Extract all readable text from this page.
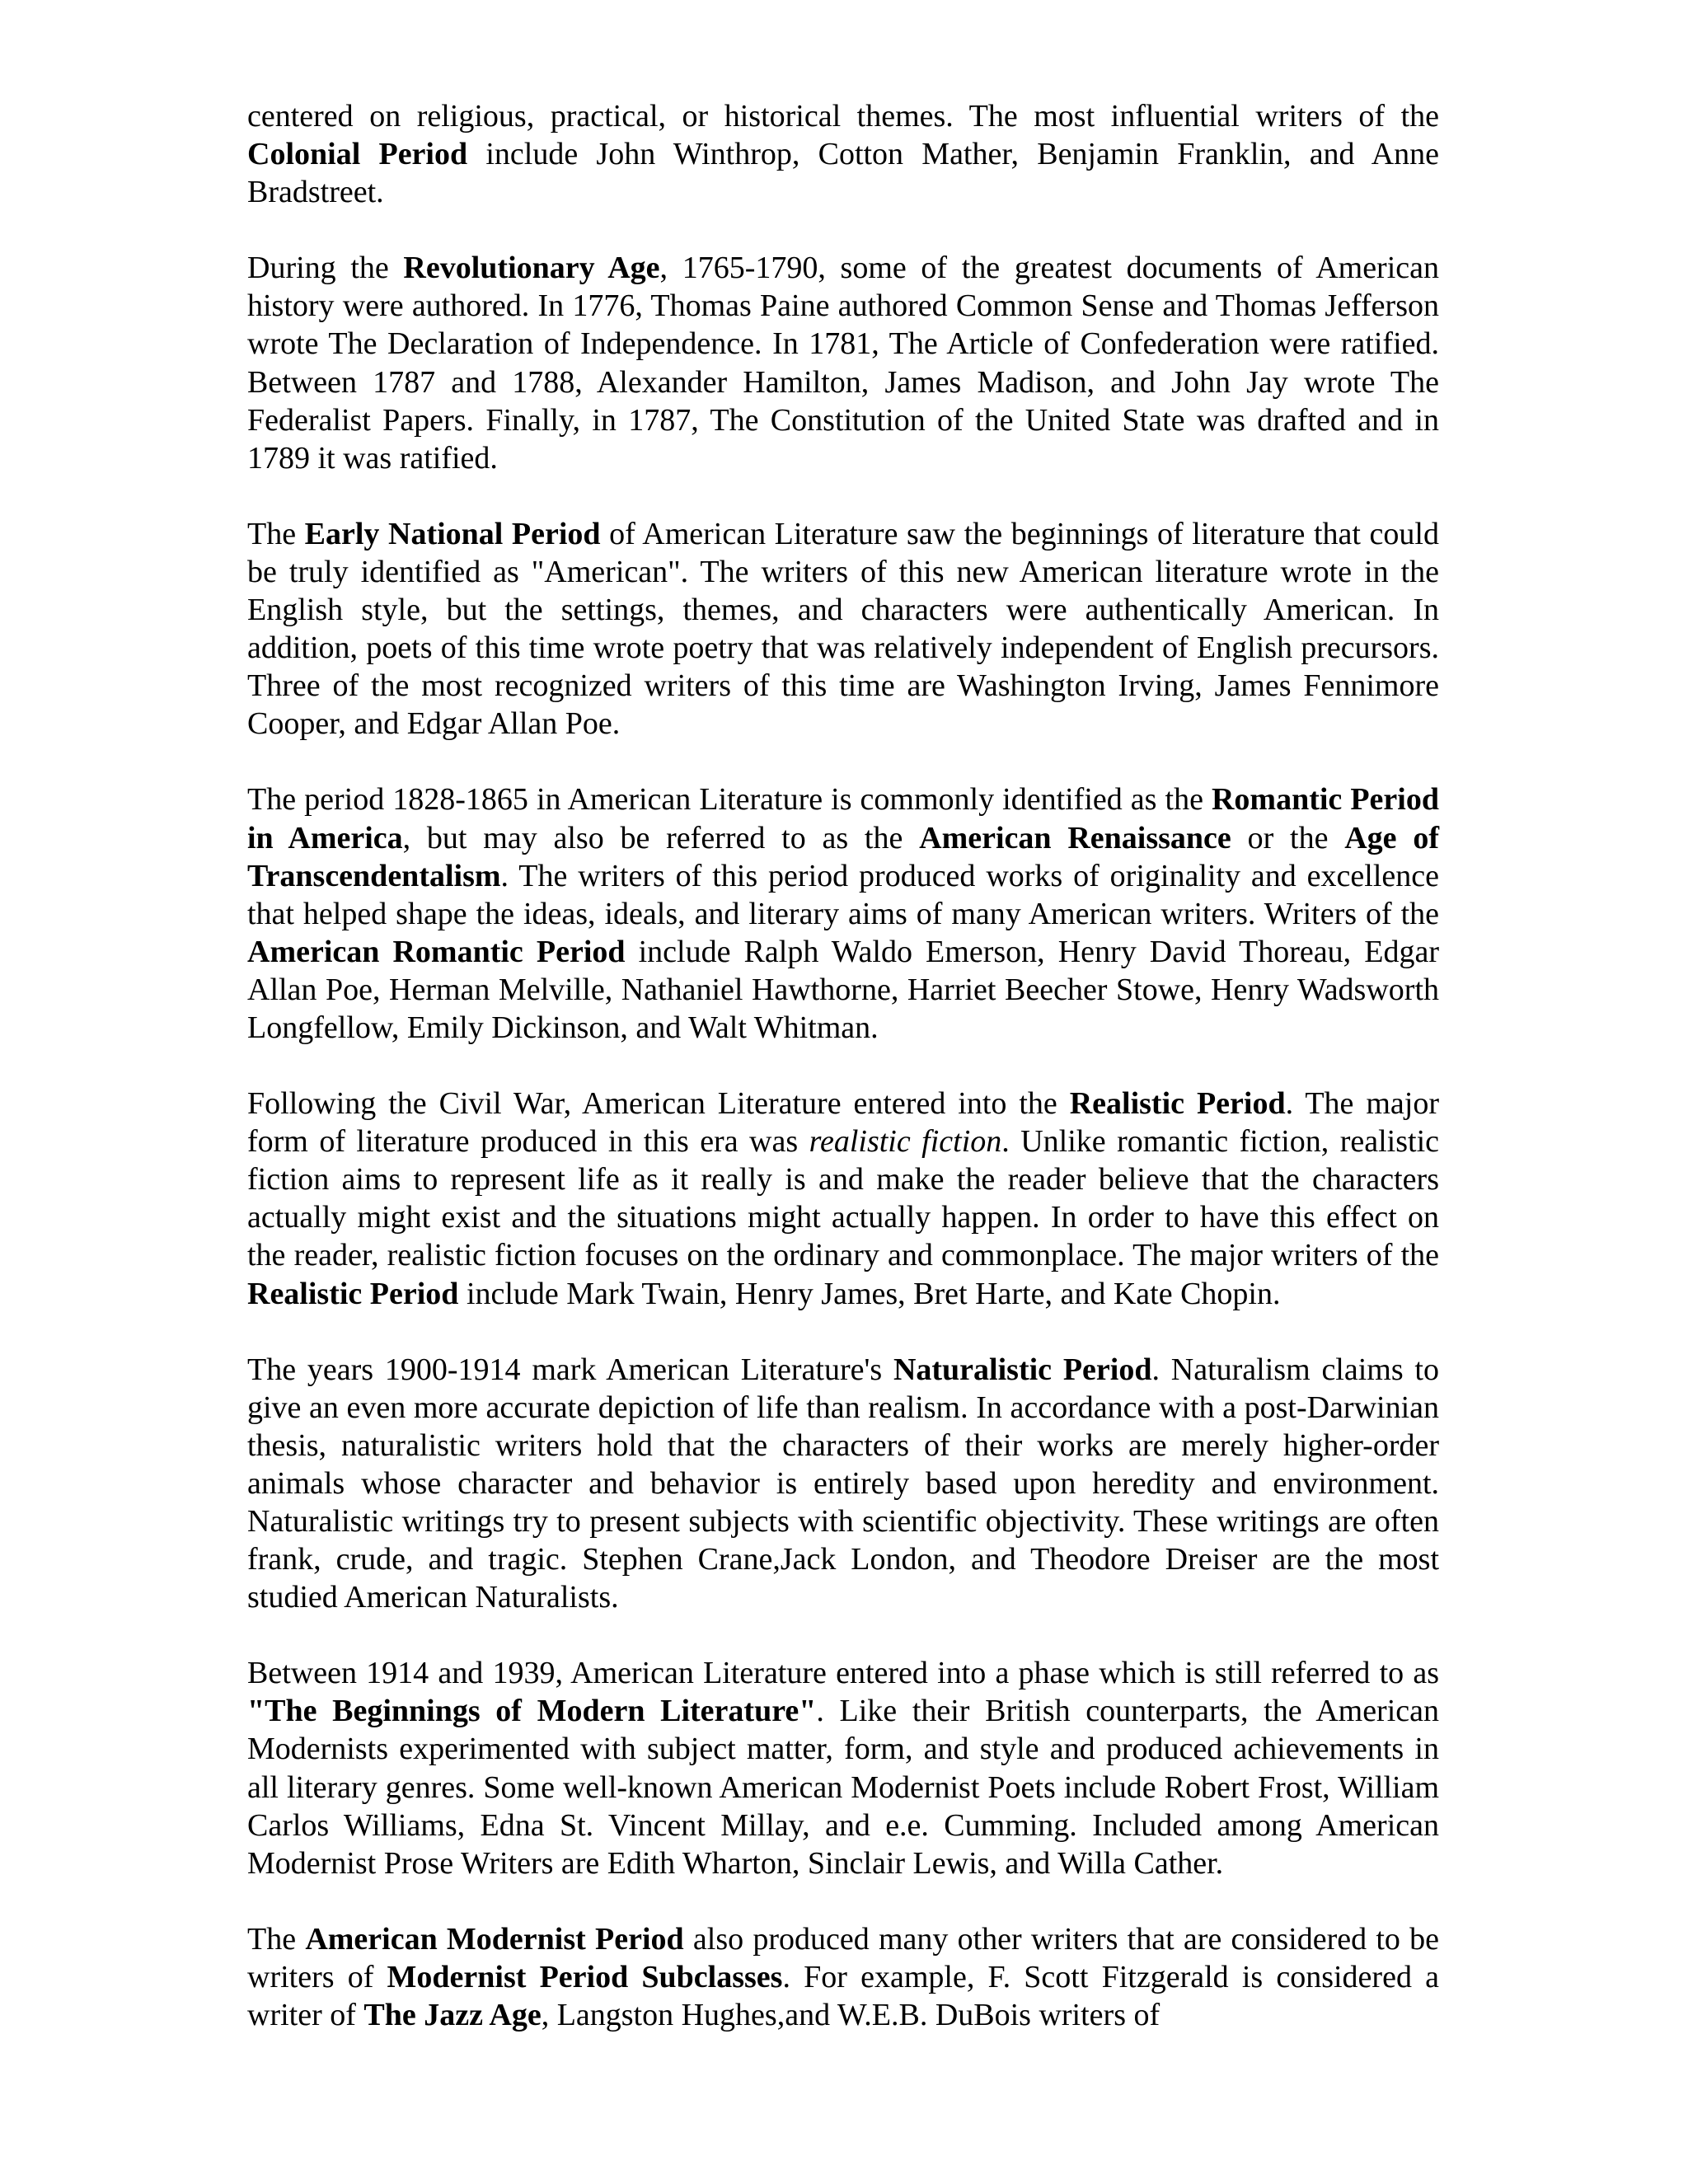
centered on religious, practical, or historical themes. The most influential writers of the Colonial Period include John Winthrop, Cotton Mather, Benjamin Franklin, and Anne Bradstreet.

During the Revolutionary Age, 1765-1790, some of the greatest documents of American history were authored. In 1776, Thomas Paine authored Common Sense and Thomas Jefferson wrote The Declaration of Independence. In 1781, The Article of Confederation were ratified. Between 1787 and 1788, Alexander Hamilton, James Madison, and John Jay wrote The Federalist Papers. Finally, in 1787, The Constitution of the United State was drafted and in 1789 it was ratified.

The Early National Period of American Literature saw the beginnings of literature that could be truly identified as "American". The writers of this new American literature wrote in the English style, but the settings, themes, and characters were authentically American. In addition, poets of this time wrote poetry that was relatively independent of English precursors. Three of the most recognized writers of this time are Washington Irving, James Fennimore Cooper, and Edgar Allan Poe.

The period 1828-1865 in American Literature is commonly identified as the Romantic Period in America, but may also be referred to as the American Renaissance or the Age of Transcendentalism. The writers of this period produced works of originality and excellence that helped shape the ideas, ideals, and literary aims of many American writers. Writers of the American Romantic Period include Ralph Waldo Emerson, Henry David Thoreau, Edgar Allan Poe, Herman Melville, Nathaniel Hawthorne, Harriet Beecher Stowe, Henry Wadsworth Longfellow, Emily Dickinson, and Walt Whitman.

Following the Civil War, American Literature entered into the Realistic Period. The major form of literature produced in this era was realistic fiction. Unlike romantic fiction, realistic fiction aims to represent life as it really is and make the reader believe that the characters actually might exist and the situations might actually happen. In order to have this effect on the reader, realistic fiction focuses on the ordinary and commonplace. The major writers of the Realistic Period include Mark Twain, Henry James, Bret Harte, and Kate Chopin.

The years 1900-1914 mark American Literature's Naturalistic Period. Naturalism claims to give an even more accurate depiction of life than realism. In accordance with a post-Darwinian thesis, naturalistic writers hold that the characters of their works are merely higher-order animals whose character and behavior is entirely based upon heredity and environment. Naturalistic writings try to present subjects with scientific objectivity. These writings are often frank, crude, and tragic. Stephen Crane,Jack London, and Theodore Dreiser are the most studied American Naturalists.

Between 1914 and 1939, American Literature entered into a phase which is still referred to as "The Beginnings of Modern Literature". Like their British counterparts, the American Modernists experimented with subject matter, form, and style and produced achievements in all literary genres. Some well-known American Modernist Poets include Robert Frost, William Carlos Williams, Edna St. Vincent Millay, and e.e. Cumming. Included among American Modernist Prose Writers are Edith Wharton, Sinclair Lewis, and Willa Cather.

The American Modernist Period also produced many other writers that are considered to be writers of Modernist Period Subclasses. For example, F. Scott Fitzgerald is considered a writer of The Jazz Age, Langston Hughes,and W.E.B. DuBois writers of
